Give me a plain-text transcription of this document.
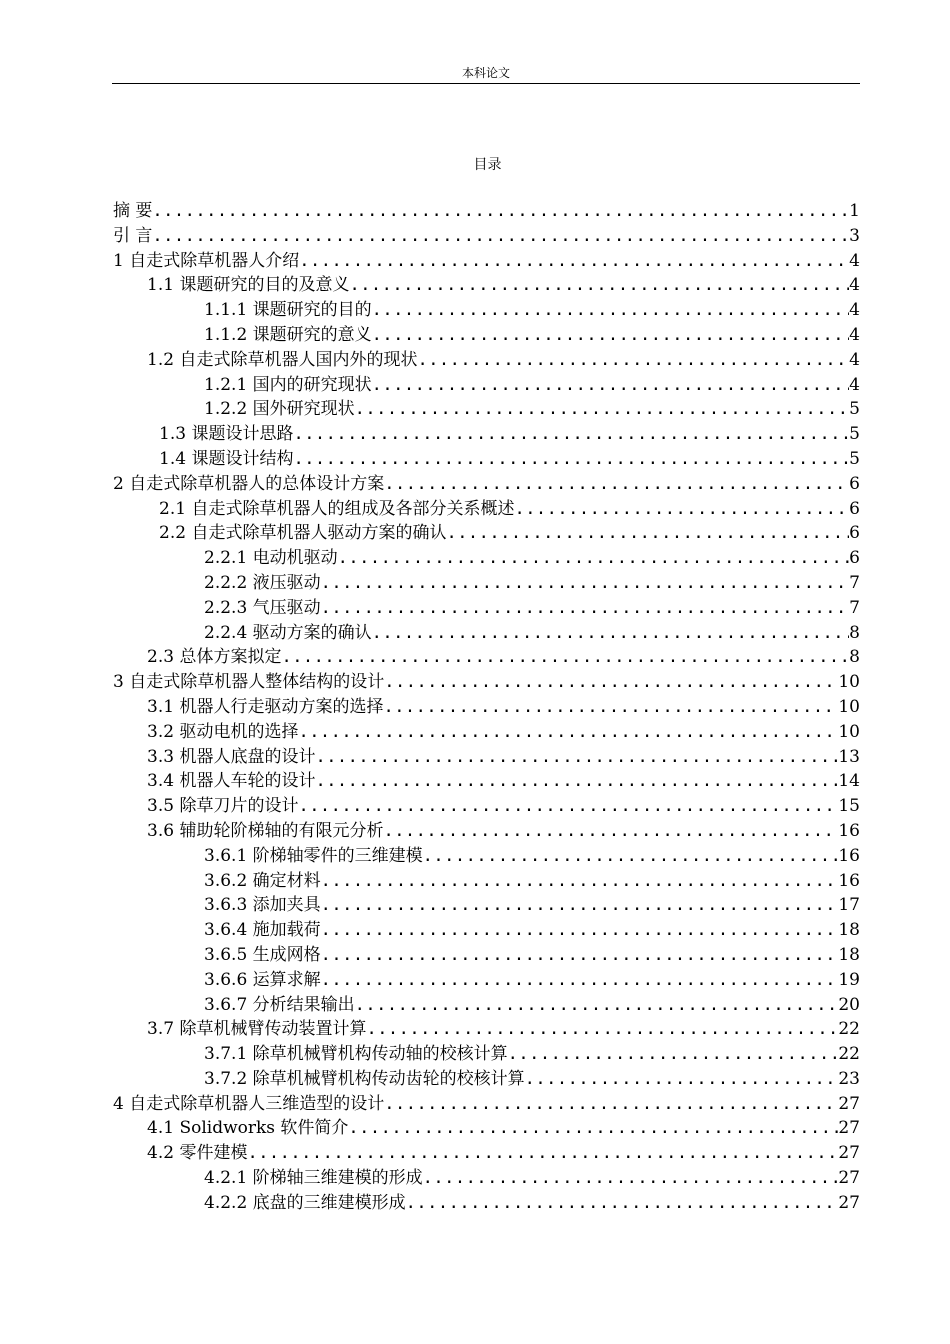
本科论文
目录
摘 要 .....	1
引 言 .....	3
1 自走式除草机器人介绍 .....	4
1.1 课题研究的目的及意义 .....	4
1.1.1 课题研究的目的 .....	4
1.1.2 课题研究的意义 .....	4
1.2 自走式除草机器人国内外的现状 .....	4
1.2.1 国内的研究现状 .....	4
1.2.2 国外研究现状 .....	5
1.3 课题设计思路 .....	5
1.4 课题设计结构 .....	5
2 自走式除草机器人的总体设计方案 .....	6
2.1 自走式除草机器人的组成及各部分关系概述 .....	6
2.2 自走式除草机器人驱动方案的确认 .....	6
2.2.1 电动机驱动 .....	6
2.2.2 液压驱动 .....	7
2.2.3 气压驱动 .....	7
2.2.4 驱动方案的确认 .....	8
2.3 总体方案拟定 .....	8
3 自走式除草机器人整体结构的设计 .....	10
3.1 机器人行走驱动方案的选择 .....	10
3.2 驱动电机的选择 .....	10
3.3 机器人底盘的设计 .....	13
3.4 机器人车轮的设计 .....	14
3.5 除草刀片的设计 .....	15
3.6 辅助轮阶梯轴的有限元分析 .....	16
3.6.1 阶梯轴零件的三维建模 .....	16
3.6.2 确定材料 .....	16
3.6.3 添加夹具 .....	17
3.6.4 施加载荷 .....	18
3.6.5 生成网格 .....	18
3.6.6 运算求解 .....	19
3.6.7 分析结果输出 .....	20
3.7 除草机械臂传动装置计算 .....	22
3.7.1 除草机械臂机构传动轴的校核计算 .....	22
3.7.2 除草机械臂机构传动齿轮的校核计算 .....	23
4 自走式除草机器人三维造型的设计 .....	27
4.1 Solidworks 软件简介 .....	27
4.2 零件建模 .....	27
4.2.1 阶梯轴三维建模的形成 .....	27
4.2.2 底盘的三维建模形成 .....	27
